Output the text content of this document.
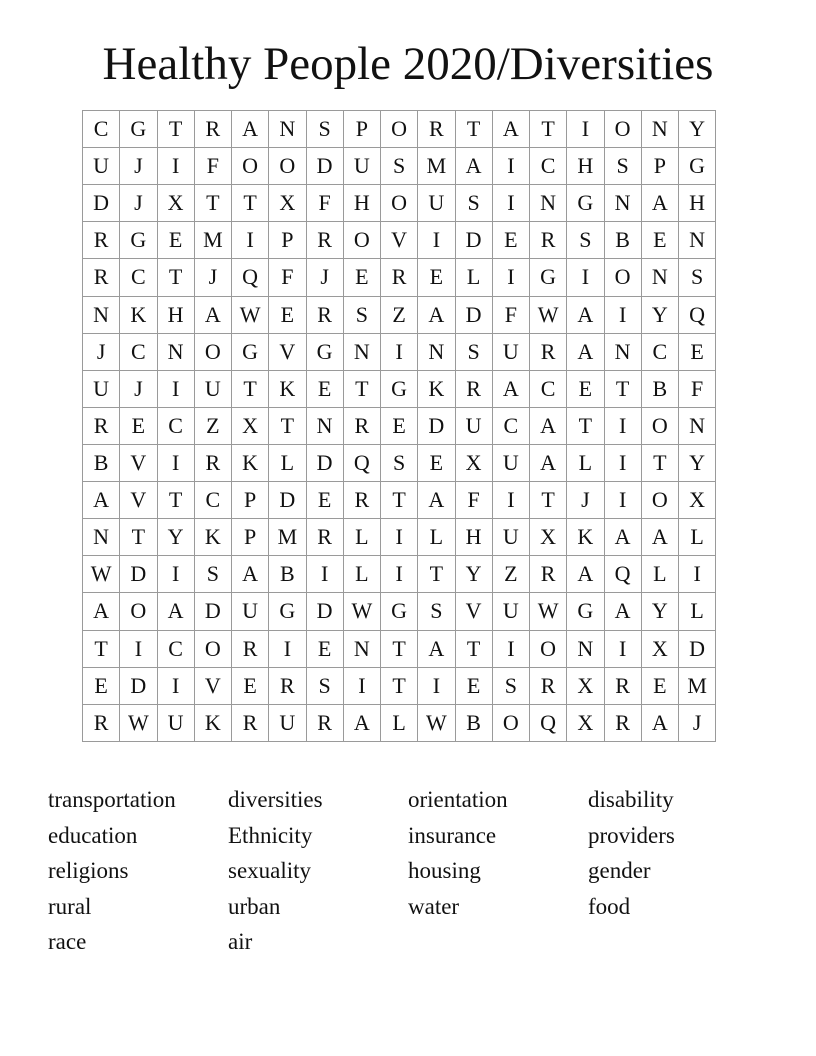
Healthy People 2020/Diversities
C	G	T	R	A	N	S	P	O	R	T	A	T	I	O	N	Y
U	J	I	F	O	O	D	U	S	M	A	I	C	H	S	P	G
D	J	X	T	T	X	F	H	O	U	S	I	N	G	N	A	H
R	G	E	M	I	P	R	O	V	I	D	E	R	S	B	E	N
R	C	T	J	Q	F	J	E	R	E	L	I	G	I	O	N	S
N	K	H	A	W	E	R	S	Z	A	D	F	W	A	I	Y	Q
J	C	N	O	G	V	G	N	I	N	S	U	R	A	N	C	E
U	J	I	U	T	K	E	T	G	K	R	A	C	E	T	B	F
R	E	C	Z	X	T	N	R	E	D	U	C	A	T	I	O	N
B	V	I	R	K	L	D	Q	S	E	X	U	A	L	I	T	Y
A	V	T	C	P	D	E	R	T	A	F	I	T	J	I	O	X
N	T	Y	K	P	M	R	L	I	L	H	U	X	K	A	A	L
W	D	I	S	A	B	I	L	I	T	Y	Z	R	A	Q	L	I
A	O	A	D	U	G	D	W	G	S	V	U	W	G	A	Y	L
T	I	C	O	R	I	E	N	T	A	T	I	O	N	I	X	D
E	D	I	V	E	R	S	I	T	I	E	S	R	X	R	E	M
R	W	U	K	R	U	R	A	L	W	B	O	Q	X	R	A	J
transportation
education
religions
rural
race
diversities
Ethnicity
sexuality
urban
air
orientation
insurance
housing
water
disability
providers
gender
food
